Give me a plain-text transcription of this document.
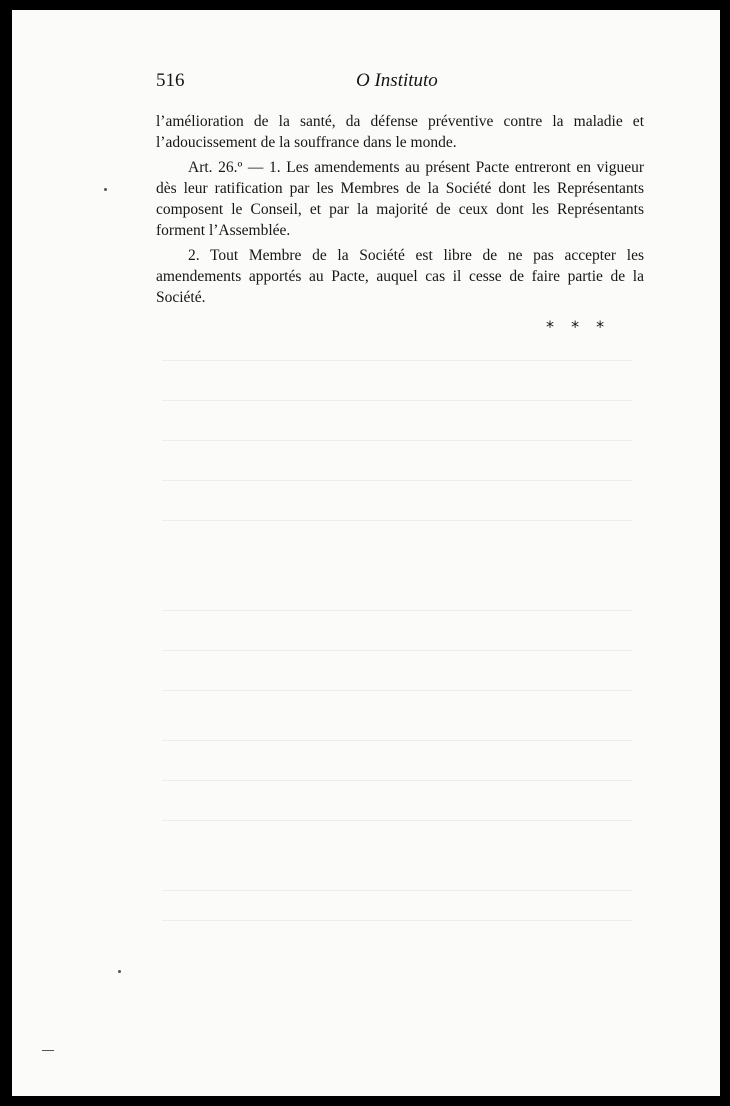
516	O Instituto

l’amélioration de la santé, da défense préventive contre la maladie et l’adoucissement de la souffrance dans le monde.

Art. 26.º — 1. Les amendements au présent Pacte entreront en vigueur dès leur ratification par les Membres de la Société dont les Représentants composent le Conseil, et par la majorité de ceux dont les Représentants forment l’Assemblée.

2. Tout Membre de la Société est libre de ne pas accepter les amendements apportés au Pacte, auquel cas il cesse de faire partie de la Société.

* * *
